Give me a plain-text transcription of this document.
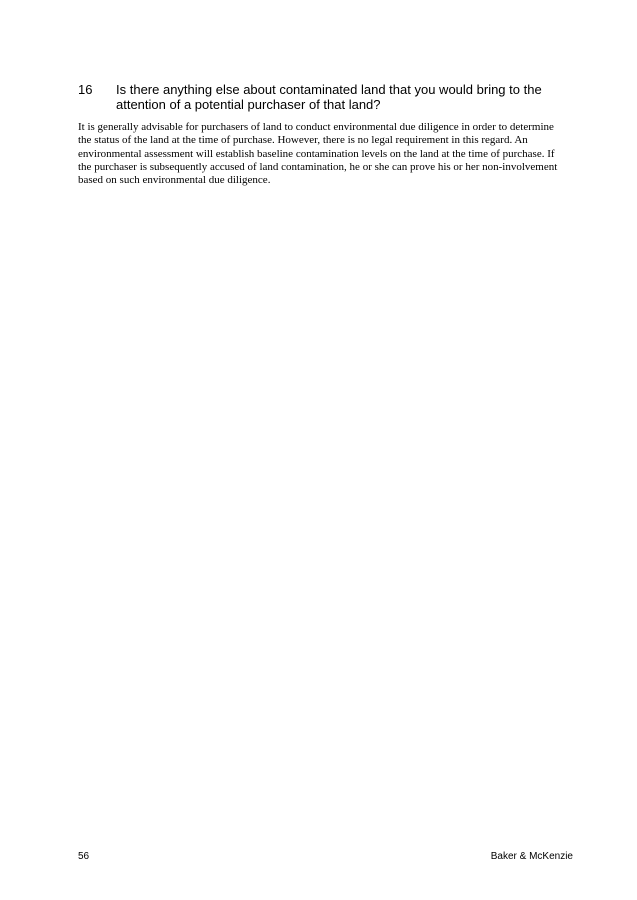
16	Is there anything else about contaminated land that you would bring to the attention of a potential purchaser of that land?

It is generally advisable for purchasers of land to conduct environmental due diligence in order to determine the status of the land at the time of purchase. However, there is no legal requirement in this regard. An environmental assessment will establish baseline contamination levels on the land at the time of purchase. If the purchaser is subsequently accused of land contamination, he or she can prove his or her non-involvement based on such environmental due diligence.

56	Baker & McKenzie
